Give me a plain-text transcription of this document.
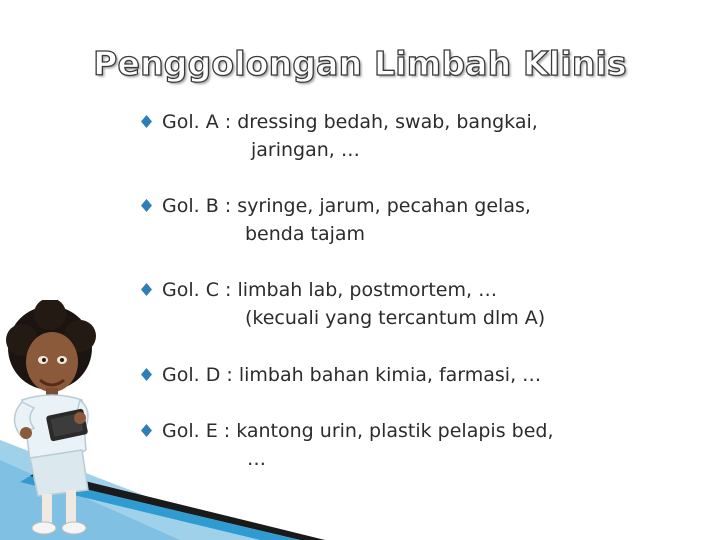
Penggolongan Limbah Klinis
Gol. A : dressing bedah, swab, bangkai,
jaringan, …
Gol. B : syringe, jarum, pecahan gelas,
benda tajam
Gol. C : limbah lab, postmortem, …
(kecuali yang tercantum dlm A)
Gol. D : limbah bahan kimia, farmasi, …
Gol. E : kantong urin, plastik pelapis bed,
…
